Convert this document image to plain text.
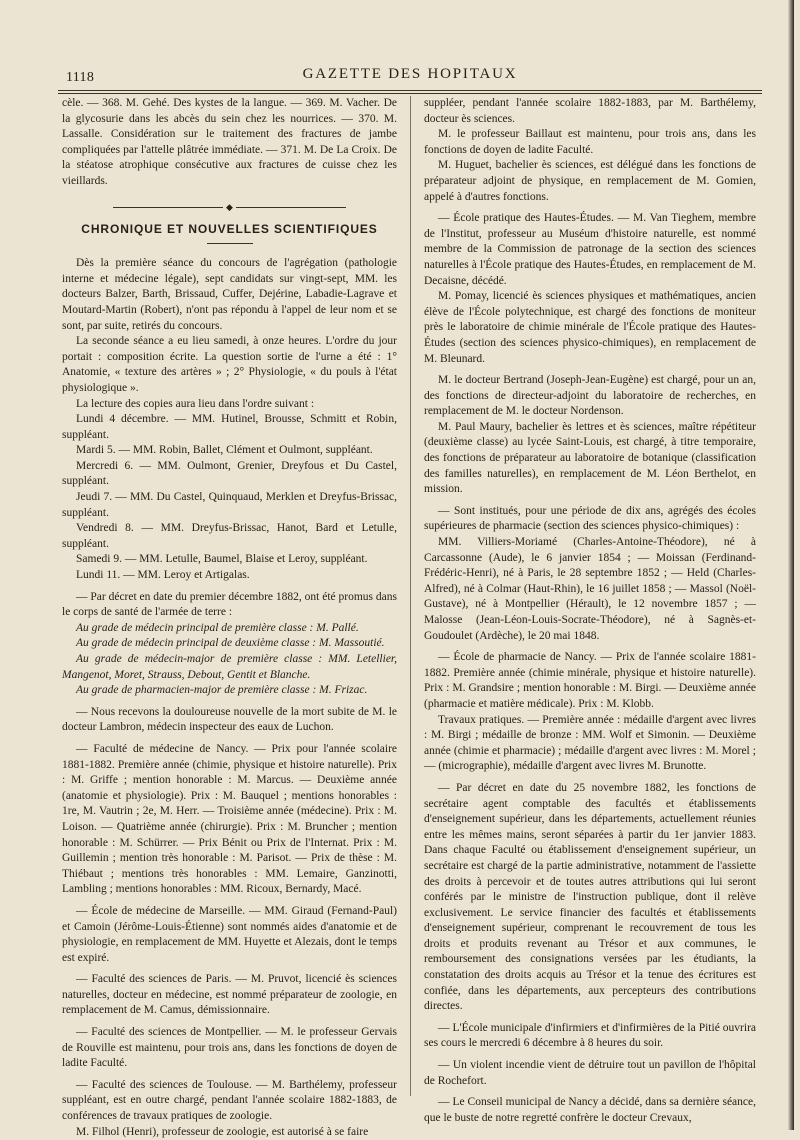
1118	GAZETTE DES HOPITAUX

cèle. — 368. M. Gehé. Des kystes de la langue. — 369. M. Vacher. De la glycosurie dans les abcès du sein chez les nourrices. — 370. M. Lassalle. Considération sur le traitement des fractures de jambe compliquées par l'attelle plâtrée immédiate. — 371. M. De La Croix. De la stéatose atrophique consécutive aux fractures de cuisse chez les vieillards.

◆
CHRONIQUE ET NOUVELLES SCIENTIFIQUES

Dès la première séance du concours de l'agrégation (pathologie interne et médecine légale), sept candidats sur vingt-sept, MM. les docteurs Balzer, Barth, Brissaud, Cuffer, Dejérine, Labadie-Lagrave et Moutard-Martin (Robert), n'ont pas répondu à l'appel de leur nom et se sont, par suite, retirés du concours.

La seconde séance a eu lieu samedi, à onze heures. L'ordre du jour portait : composition écrite. La question sortie de l'urne a été : 1° Anatomie, « texture des artères » ; 2° Physiologie, « du pouls à l'état physiologique ».

La lecture des copies aura lieu dans l'ordre suivant :

Lundi 4 décembre. — MM. Hutinel, Brousse, Schmitt et Robin, suppléant.

Mardi 5. — MM. Robin, Ballet, Clément et Oulmont, suppléant.

Mercredi 6. — MM. Oulmont, Grenier, Dreyfous et Du Castel, suppléant.

Jeudi 7. — MM. Du Castel, Quinquaud, Merklen et Dreyfus-Brissac, suppléant.

Vendredi 8. — MM. Dreyfus-Brissac, Hanot, Bard et Letulle, suppléant.

Samedi 9. — MM. Letulle, Baumel, Blaise et Leroy, suppléant.

Lundi 11. — MM. Leroy et Artigalas.

— Par décret en date du premier décembre 1882, ont été promus dans le corps de santé de l'armée de terre :

Au grade de médecin principal de première classe : M. Pallé.

Au grade de médecin principal de deuxième classe : M. Massoutié.

Au grade de médecin-major de première classe : MM. Letellier, Mangenot, Moret, Strauss, Debout, Gentit et Blanche.

Au grade de pharmacien-major de première classe : M. Frizac.

— Nous recevons la douloureuse nouvelle de la mort subite de M. le docteur Lambron, médecin inspecteur des eaux de Luchon.

— Faculté de médecine de Nancy. — Prix pour l'année scolaire 1881-1882. Première année (chimie, physique et histoire naturelle). Prix : M. Griffe ; mention honorable : M. Marcus. — Deuxième année (anatomie et physiologie). Prix : M. Bauquel ; mentions honorables : 1re, M. Vautrin ; 2e, M. Herr. — Troisième année (médecine). Prix : M. Loison. — Quatrième année (chirurgie). Prix : M. Bruncher ; mention honorable : M. Schürrer. — Prix Bénit ou Prix de l'Internat. Prix : M. Guillemin ; mention très honorable : M. Parisot. — Prix de thèse : M. Thiébaut ; mentions très honorables : MM. Lemaire, Ganzinotti, Lambling ; mentions honorables : MM. Ricoux, Bernardy, Macé.

— École de médecine de Marseille. — MM. Giraud (Fernand-Paul) et Camoin (Jérôme-Louis-Étienne) sont nommés aides d'anatomie et de physiologie, en remplacement de MM. Huyette et Alezais, dont le temps est expiré.

— Faculté des sciences de Paris. — M. Pruvot, licencié ès sciences naturelles, docteur en médecine, est nommé préparateur de zoologie, en remplacement de M. Camus, démissionnaire.

— Faculté des sciences de Montpellier. — M. le professeur Gervais de Rouville est maintenu, pour trois ans, dans les fonctions de doyen de ladite Faculté.

— Faculté des sciences de Toulouse. — M. Barthélemy, professeur suppléant, est en outre chargé, pendant l'année scolaire 1882-1883, de conférences de travaux pratiques de zoologie.

M. Filhol (Henri), professeur de zoologie, est autorisé à se faire

suppléer, pendant l'année scolaire 1882-1883, par M. Barthélemy, docteur ès sciences.

M. le professeur Baillaut est maintenu, pour trois ans, dans les fonctions de doyen de ladite Faculté.

M. Huguet, bachelier ès sciences, est délégué dans les fonctions de préparateur adjoint de physique, en remplacement de M. Gomien, appelé à d'autres fonctions.

— École pratique des Hautes-Études. — M. Van Tieghem, membre de l'Institut, professeur au Muséum d'histoire naturelle, est nommé membre de la Commission de patronage de la section des sciences naturelles à l'École pratique des Hautes-Études, en remplacement de M. Decaisne, décédé.

M. Pomay, licencié ès sciences physiques et mathématiques, ancien élève de l'École polytechnique, est chargé des fonctions de moniteur près le laboratoire de chimie minérale de l'École pratique des Hautes-Études (section des sciences physico-chimiques), en remplacement de M. Bleunard.

M. le docteur Bertrand (Joseph-Jean-Eugène) est chargé, pour un an, des fonctions de directeur-adjoint du laboratoire de recherches, en remplacement de M. le docteur Nordenson.

M. Paul Maury, bachelier ès lettres et ès sciences, maître répétiteur (deuxième classe) au lycée Saint-Louis, est chargé, à titre temporaire, des fonctions de préparateur au laboratoire de botanique (classification des familles naturelles), en remplacement de M. Léon Berthelot, en mission.

— Sont institués, pour une période de dix ans, agrégés des écoles supérieures de pharmacie (section des sciences physico-chimiques) :

MM. Villiers-Moriamé (Charles-Antoine-Théodore), né à Carcassonne (Aude), le 6 janvier 1854 ; — Moissan (Ferdinand-Frédéric-Henri), né à Paris, le 28 septembre 1852 ; — Held (Charles-Alfred), né à Colmar (Haut-Rhin), le 16 juillet 1858 ; — Massol (Noël-Gustave), né à Montpellier (Hérault), le 12 novembre 1857 ; — Malosse (Jean-Léon-Louis-Socrate-Théodore), né à Sagnès-et-Goudoulet (Ardèche), le 20 mai 1848.

— École de pharmacie de Nancy. — Prix de l'année scolaire 1881-1882. Première année (chimie minérale, physique et histoire naturelle). Prix : M. Grandsire ; mention honorable : M. Birgi. — Deuxième année (pharmacie et matière médicale). Prix : M. Klobb.

Travaux pratiques. — Première année : médaille d'argent avec livres : M. Birgi ; médaille de bronze : MM. Wolf et Simonin. — Deuxième année (chimie et pharmacie) ; médaille d'argent avec livres : M. Morel ; — (micrographie), médaille d'argent avec livres M. Brunotte.

— Par décret en date du 25 novembre 1882, les fonctions de secrétaire agent comptable des facultés et établissements d'enseignement supérieur, dans les départements, actuellement réunies entre les mêmes mains, seront séparées à partir du 1er janvier 1883. Dans chaque Faculté ou établissement d'enseignement supérieur, un secrétaire est chargé de la partie administrative, notamment de l'assiette des droits à percevoir et de toutes autres attributions qui lui seront conférés par le ministre de l'instruction publique, dont il relève exclusivement. Le service financier des facultés et établissements d'enseignement supérieur, comprenant le recouvrement de tous les droits et produits revenant au Trésor et aux communes, le remboursement des consignations versées par les étudiants, la constatation des droits acquis au Trésor et la tenue des écritures est confiée, dans les départements, aux percepteurs des contributions directes.

— L'École municipale d'infirmiers et d'infirmières de la Pitié ouvrira ses cours le mercredi 6 décembre à 8 heures du soir.

— Un violent incendie vient de détruire tout un pavillon de l'hôpital de Rochefort.

— Le Conseil municipal de Nancy a décidé, dans sa dernière séance, que le buste de notre regretté confrère le docteur Crevaux,
